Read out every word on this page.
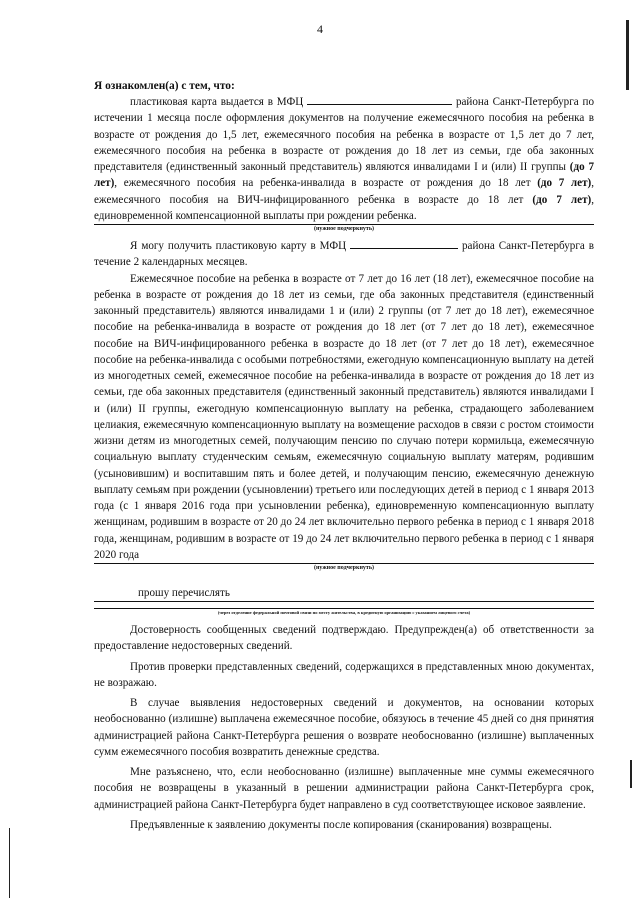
4

Я ознакомлен(а) с тем, что:

пластиковая карта выдается в МФЦ	района Санкт-Петербурга по истечении 1 месяца после оформления документов на получение ежемесячного пособия на ребенка в возрасте от рождения до 1,5 лет, ежемесячного пособия на ребенка в возрасте от 1,5 лет до 7 лет, ежемесячного пособия на ребенка в возрасте от рождения до 18 лет из семьи, где оба законных представителя (единственный законный представитель) являются инвалидами I и (или) II группы (до 7 лет), ежемесячного пособия на ребенка-инвалида в возрасте от рождения до 18 лет (до 7 лет), ежемесячного пособия на ВИЧ-инфицированного ребенка в возрасте до 18 лет (до 7 лет), единовременной компенсационной выплаты при рождении ребенка.

(нужное подчеркнуть)

Я могу получить пластиковую карту в МФЦ	района Санкт-Петербурга в течение 2 календарных месяцев.

Ежемесячное пособие на ребенка в возрасте от 7 лет до 16 лет (18 лет), ежемесячное пособие на ребенка в возрасте от рождения до 18 лет из семьи, где оба законных представителя (единственный законный представитель) являются инвалидами 1 и (или) 2 группы (от 7 лет до 18 лет), ежемесячное пособие на ребенка-инвалида в возрасте от рождения до 18 лет (от 7 лет до 18 лет), ежемесячное пособие на ВИЧ-инфицированного ребенка в возрасте до 18 лет (от 7 лет до 18 лет), ежемесячное пособие на ребенка-инвалида с особыми потребностями, ежегодную компенсационную выплату на детей из многодетных семей, ежемесячное пособие на ребенка-инвалида в возрасте от рождения до 18 лет из семьи, где оба законных представителя (единственный законный представитель) являются инвалидами I и (или) II группы, ежегодную компенсационную выплату на ребенка, страдающего заболеванием целиакия, ежемесячную компенсационную выплату на возмещение расходов в связи с ростом стоимости жизни детям из многодетных семей, получающим пенсию по случаю потери кормильца, ежемесячную социальную выплату студенческим семьям, ежемесячную социальную выплату матерям, родившим (усыновившим) и воспитавшим пять и более детей, и получающим пенсию, ежемесячную денежную выплату семьям при рождении (усыновлении) третьего или последующих детей в период с 1 января 2013 года (с 1 января 2016 года при усыновлении ребенка), единовременную компенсационную выплату женщинам, родившим в возрасте от 20 до 24 лет включительно первого ребенка в период с 1 января 2018 года, женщинам, родившим в возрасте от 19 до 24 лет включительно первого ребенка в период с 1 января 2020 года

(нужное подчеркнуть)

прошу перечислять

(через отделение федеральной почтовой связи по месту жительства, в кредитную организацию с указанием лицевого счета)

Достоверность сообщенных сведений подтверждаю. Предупрежден(а) об ответственности за предоставление недостоверных сведений.

Против проверки представленных сведений, содержащихся в представленных мною документах, не возражаю.

В случае выявления недостоверных сведений и документов, на основании которых необоснованно (излишне) выплачена ежемесячное пособие, обязуюсь в течение 45 дней со дня принятия администрацией района Санкт-Петербурга решения о возврате необоснованно (излишне) выплаченных сумм ежемесячного пособия возвратить денежные средства.

Мне разъяснено, что, если необоснованно (излишне) выплаченные мне суммы ежемесячного пособия не возвращены в указанный в решении администрации района Санкт-Петербурга срок, администрацией района Санкт-Петербурга будет направлено в суд соответствующее исковое заявление.

Предъявленные к заявлению документы после копирования (сканирования) возвращены.
